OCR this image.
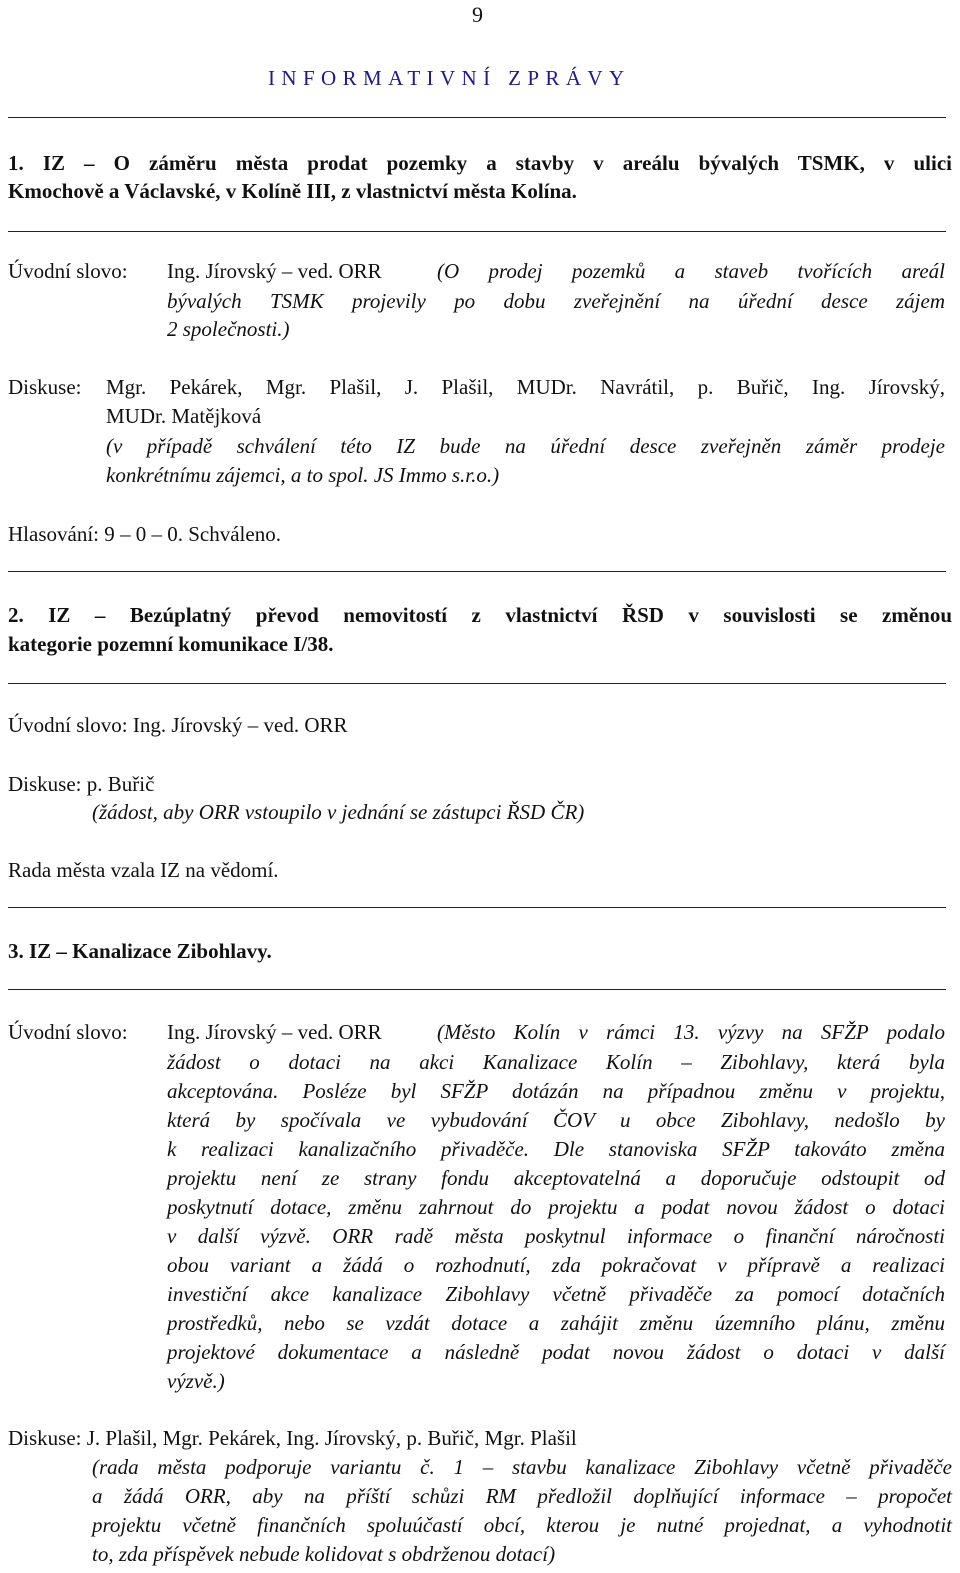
9
INFORMATIVNÍ ZPRÁVY
1. IZ – O záměru města prodat pozemky a stavby v areálu bývalých TSMK, v ulici
Kmochově a Václavské, v Kolíně III, z vlastnictví města Kolína.
Úvodní slovo: Ing. Jírovský – ved. ORR	(O prodej pozemků a staveb tvořících areál
bývalých TSMK projevily po dobu zveřejnění na úřední desce zájem
2 společnosti.)
Diskuse: Mgr. Pekárek, Mgr. Plašil, J. Plašil, MUDr. Navrátil, p. Buřič, Ing. Jírovský,
MUDr. Matějková
(v případě schválení této IZ bude na úřední desce zveřejněn záměr prodeje
konkrétnímu zájemci, a to spol. JS Immo s.r.o.)
Hlasování: 9 – 0 – 0. Schváleno.
2. IZ – Bezúplatný převod nemovitostí z vlastnictví ŘSD v souvislosti se změnou
kategorie pozemní komunikace I/38.
Úvodní slovo: Ing. Jírovský – ved. ORR
Diskuse: p. Buřič
(žádost, aby ORR vstoupilo v jednání se zástupci ŘSD ČR)
Rada města vzala IZ na vědomí.
3. IZ – Kanalizace Zibohlavy.
Úvodní slovo: Ing. Jírovský – ved. ORR	(Město Kolín v rámci 13. výzvy na SFŽP podalo
žádost o dotaci na akci Kanalizace Kolín – Zibohlavy, která byla
akceptována. Posléze byl SFŽP dotázán na případnou změnu v projektu,
která by spočívala ve vybudování ČOV u obce Zibohlavy, nedošlo by
k realizaci kanalizačního přivaděče. Dle stanoviska SFŽP takováto změna
projektu není ze strany fondu akceptovatelná a doporučuje odstoupit od
poskytnutí dotace, změnu zahrnout do projektu a podat novou žádost o dotaci
v další výzvě. ORR radě města poskytnul informace o finanční náročnosti
obou variant a žádá o rozhodnutí, zda pokračovat v přípravě a realizaci
investiční akce kanalizace Zibohlavy včetně přivaděče za pomocí dotačních
prostředků, nebo se vzdát dotace a zahájit změnu územního plánu, změnu
projektové dokumentace a následně podat novou žádost o dotaci v další
výzvě.)
Diskuse: J. Plašil, Mgr. Pekárek, Ing. Jírovský, p. Buřič, Mgr. Plašil
(rada města podporuje variantu č. 1 – stavbu kanalizace Zibohlavy včetně přivaděče
a žádá ORR, aby na příští schůzi RM předložil doplňující informace – propočet
projektu včetně finančních spoluúčastí obcí, kterou je nutné projednat, a vyhodnotit
to, zda příspěvek nebude kolidovat s obdrženou dotací)
